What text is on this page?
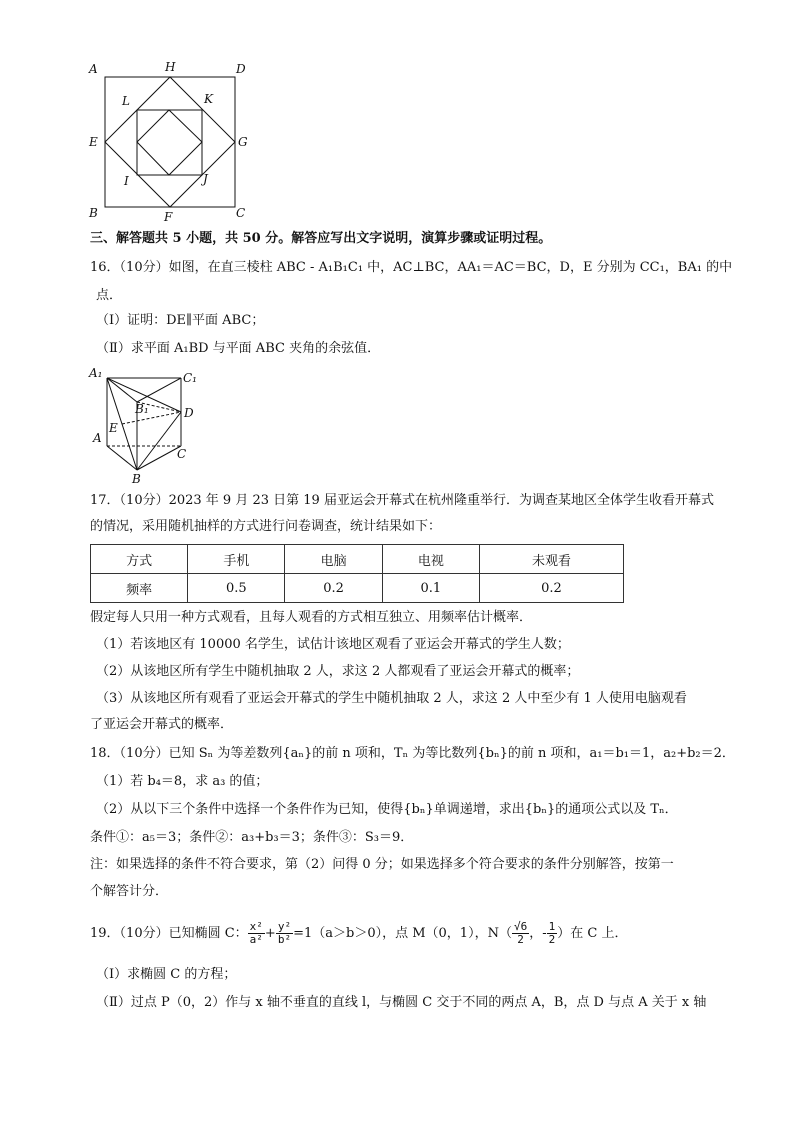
A	H	D
L	K
E	G
I	J
B	F	C
三、解答题共 5 小题，共 50 分。解答应写出文字说明，演算步骤或证明过程。
16．（10分）如图，在直三棱柱 ABC - A₁B₁C₁ 中，AC⊥BC，AA₁＝AC＝BC，D，E 分别为 CC₁，BA₁ 的中
点．
（Ⅰ）证明：DE∥平面 ABC；
（Ⅱ）求平面 A₁BD 与平面 ABC 夹角的余弦值．
A₁	C₁
B₁	D
E
A
C
B
17．（10分）2023 年 9 月 23 日第 19 届亚运会开幕式在杭州隆重举行．为调查某地区全体学生收看开幕式
的情况，采用随机抽样的方式进行问卷调查，统计结果如下：
方式	手机	电脑	电视	未观看
频率	0.5	0.2	0.1	0.2
假定每人只用一种方式观看，且每人观看的方式相互独立、用频率估计概率．
（1）若该地区有 10000 名学生，试估计该地区观看了亚运会开幕式的学生人数；
（2）从该地区所有学生中随机抽取 2 人，求这 2 人都观看了亚运会开幕式的概率；
（3）从该地区所有观看了亚运会开幕式的学生中随机抽取 2 人，求这 2 人中至少有 1 人使用电脑观看
了亚运会开幕式的概率．
18．（10分）已知 Sₙ 为等差数列{aₙ}的前 n 项和，Tₙ 为等比数列{bₙ}的前 n 项和，a₁＝b₁＝1，a₂+b₂＝2．
（1）若 b₄＝8，求 a₃ 的值；
（2）从以下三个条件中选择一个条件作为已知，使得{bₙ}单调递增，求出{bₙ}的通项公式以及 Tₙ．
条件①：a₅＝3；条件②：a₃+b₃＝3；条件③：S₃＝9．
注：如果选择的条件不符合要求，第（2）问得 0 分；如果选择多个符合要求的条件分别解答，按第一
个解答计分．
19．（10分）已知椭圆 C： $\frac{\text{x²}}{\text{a²}} + \frac{\text{y²}}{\text{b²}} =1(a>b>0)$，点 M（0，1），$N( \frac{√6}{2}$ ，- $\frac{1}{2}$ ）在 C 上．
（Ⅰ）求椭圆 C 的方程；
（Ⅱ）过点 P（0，2）作与 x 轴不垂直的直线 l，与椭圆 C 交于不同的两点 A，B，点 D 与点 A 关于 x 轴
